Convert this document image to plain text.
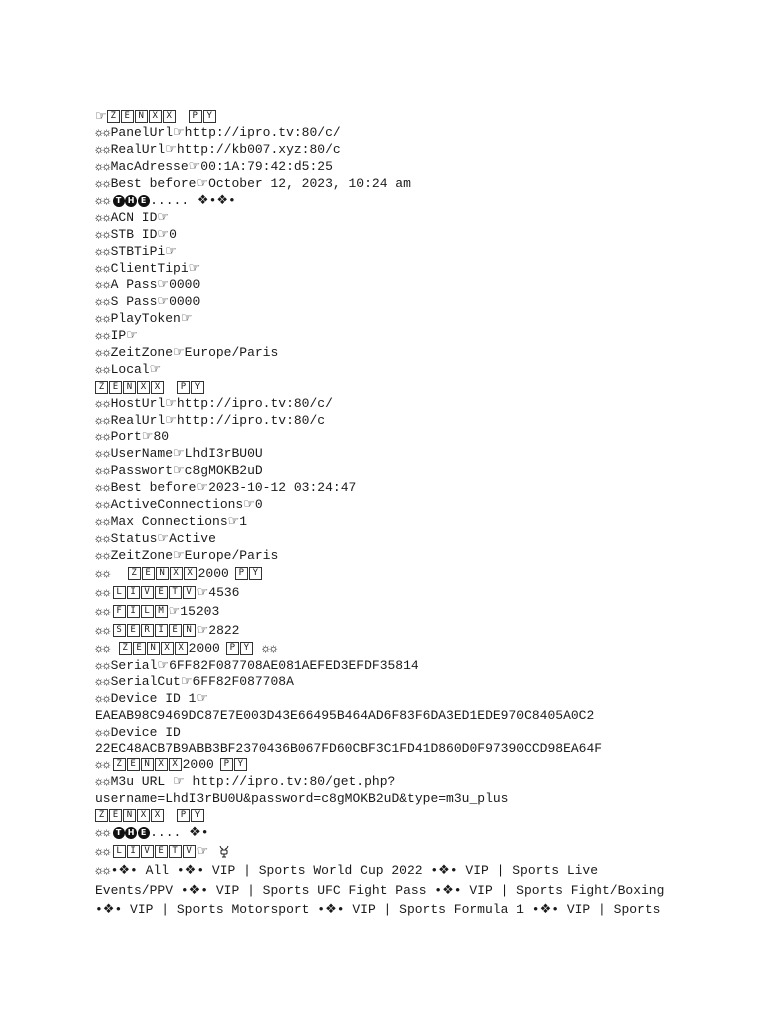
☞ Z E N X X	P Y
☼☼PanelUrl☞http://ipro.tv:80/c/
☼☼RealUrl☞http://kb007.xyz:80/c
☼☼MacAdresse☞00:1A:79:42:d5:25
☼☼Best before☞October 12, 2023, 10:24 am
☼☼ T H E ..... ❖•❖•
☼☼ACN ID☞
☼☼STB ID☞0
☼☼STBTiPi☞
☼☼ClientTipi☞
☼☼A Pass☞0000
☼☼S Pass☞0000
☼☼PlayToken☞
☼☼IP☞
☼☼ZeitZone☞Europe/Paris
☼☼Local☞
Z E N X X	P Y
☼☼HostUrl☞http://ipro.tv:80/c/
☼☼RealUrl☞http://ipro.tv:80/c
☼☼Port☞80
☼☼UserName☞LhdI3rBU0U
☼☼Passwort☞c8gMOKB2uD
☼☼Best before☞2023-10-12 03:24:47
☼☼ActiveConnections☞0
☼☼Max Connections☞1
☼☼Status☞Active
☼☼ZeitZone☞Europe/Paris
☼☼	Z E N X X 2000	P Y
☼☼ L I V E T V ☞4536
☼☼ F I L M ☞15203
☼☼ S E R I E N ☞2822
☼☼	Z E N X X 2000	P Y ☼☼
☼☼Serial☞6FF82F087708AE081AEFED3EFDF35814
☼☼SerialCut☞6FF82F087708A
☼☼Device ID 1☞
EAEAB98C9469DC87E7E003D43E66495B464AD6F83F6DA3ED1EDE970C8405A0C2
☼☼Device ID
22EC48ACB7B9ABB3BF2370436B067FD60CBF3C1FD41D860D0F97390CCD98EA64F
☼☼ Z E N X X 2000	P Y
☼☼M3u URL ☞ http://ipro.tv:80/get.php?
username=LhdI3rBU0U&password=c8gMOKB2uD&type=m3u_plus
Z E N X X	P Y
☼☼ T H E .... ❖•
☼☼ L I V E T V ☞
☼☼•❖• All •❖• VIP | Sports World Cup 2022 •❖• VIP | Sports Live
Events/PPV •❖• VIP | Sports UFC Fight Pass •❖• VIP | Sports Fight/Boxing
•❖• VIP | Sports Motorsport •❖• VIP | Sports Formula 1 •❖• VIP | Sports
